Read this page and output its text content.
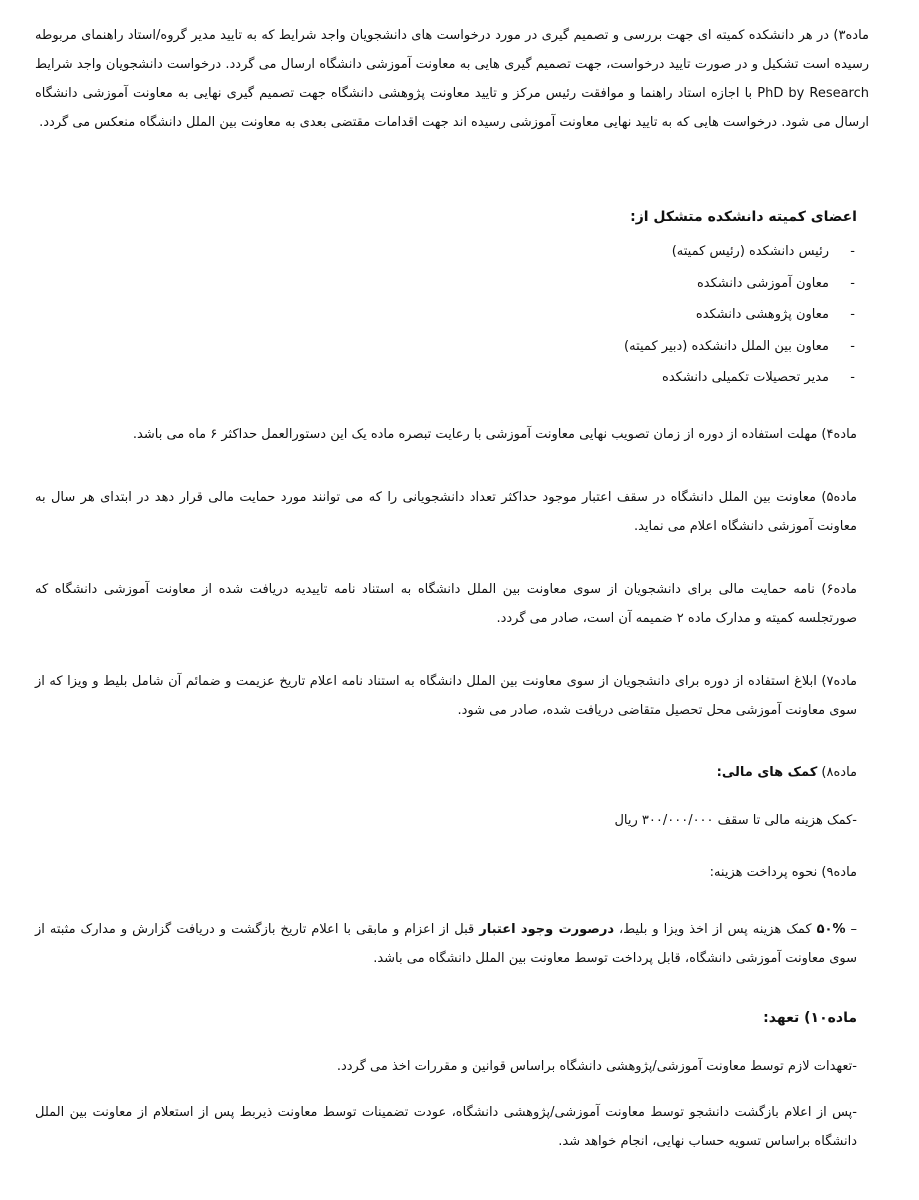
ماده۳) در هر دانشکده کمیته ای جهت بررسی و تصمیم گیری در مورد درخواست های دانشجویان واجد شرایط که به تایید مدیر گروه/استاد راهنمای مربوطه رسیده است تشکیل و در صورت تایید درخواست، جهت تصمیم گیری هایی به معاونت آموزشی دانشگاه ارسال می گردد. درخواست دانشجویان واجد شرایط PhD by Research با اجازه استاد راهنما و موافقت رئیس مرکز و تایید معاونت پژوهشی دانشگاه جهت تصمیم گیری نهایی به معاونت آموزشی دانشگاه ارسال می شود. درخواست هایی که به تایید نهایی معاونت آموزشی رسیده اند جهت اقدامات مقتضی بعدی به معاونت بین الملل دانشگاه منعکس می گردد.

اعضای کمیته دانشکده متشکل از:
-رئیس دانشکده (رئیس کمیته)
-معاون آموزشی دانشکده
-معاون پژوهشی دانشکده
-معاون بین الملل دانشکده (دبیر کمیته)
-مدیر تحصیلات تکمیلی دانشکده

ماده۴) مهلت استفاده از دوره از زمان تصویب نهایی معاونت آموزشی با رعایت تبصره ماده یک این دستورالعمل حداکثر ۶ ماه می باشد.

ماده۵) معاونت بین الملل دانشگاه در سقف اعتبار موجود حداکثر تعداد دانشجویانی را که می توانند مورد حمایت مالی قرار دهد در ابتدای هر سال به معاونت آموزشی دانشگاه اعلام می نماید.

ماده۶) نامه حمایت مالی برای دانشجویان از سوی معاونت بین الملل دانشگاه به استناد نامه تاییدیه دریافت شده از معاونت آموزشی دانشگاه که صورتجلسه کمیته و مدارک ماده ۲ ضمیمه آن است، صادر می گردد.

ماده۷) ابلاغ استفاده از دوره برای دانشجویان از سوی معاونت بین الملل دانشگاه به استناد نامه اعلام تاریخ عزیمت و ضمائم آن شامل بلیط و ویزا که از سوی معاونت آموزشی محل تحصیل متقاضی دریافت شده، صادر می شود.

ماده۸) کمک های مالی:
-کمک هزینه مالی تا سقف ۳۰۰/۰۰۰/۰۰۰ ریال
ماده۹) نحوه پرداخت هزینه:

– ۵۰% کمک هزینه پس از اخذ ویزا و بلیط، درصورت وجود اعتبار قبل از اعزام و مابقی با اعلام تاریخ بازگشت و دریافت گزارش و مدارک مثبته از سوی معاونت آموزشی دانشگاه، قابل پرداخت توسط معاونت بین الملل دانشگاه می باشد.

ماده۱۰) تعهد:

-تعهدات لازم توسط معاونت آموزشی/پژوهشی دانشگاه براساس قوانین و مقررات اخذ می گردد.

-پس از اعلام بازگشت دانشجو توسط معاونت آموزشی/پژوهشی دانشگاه، عودت تضمینات توسط معاونت ذیربط پس از استعلام از معاونت بین الملل دانشگاه براساس تسویه حساب نهایی، انجام خواهد شد.
